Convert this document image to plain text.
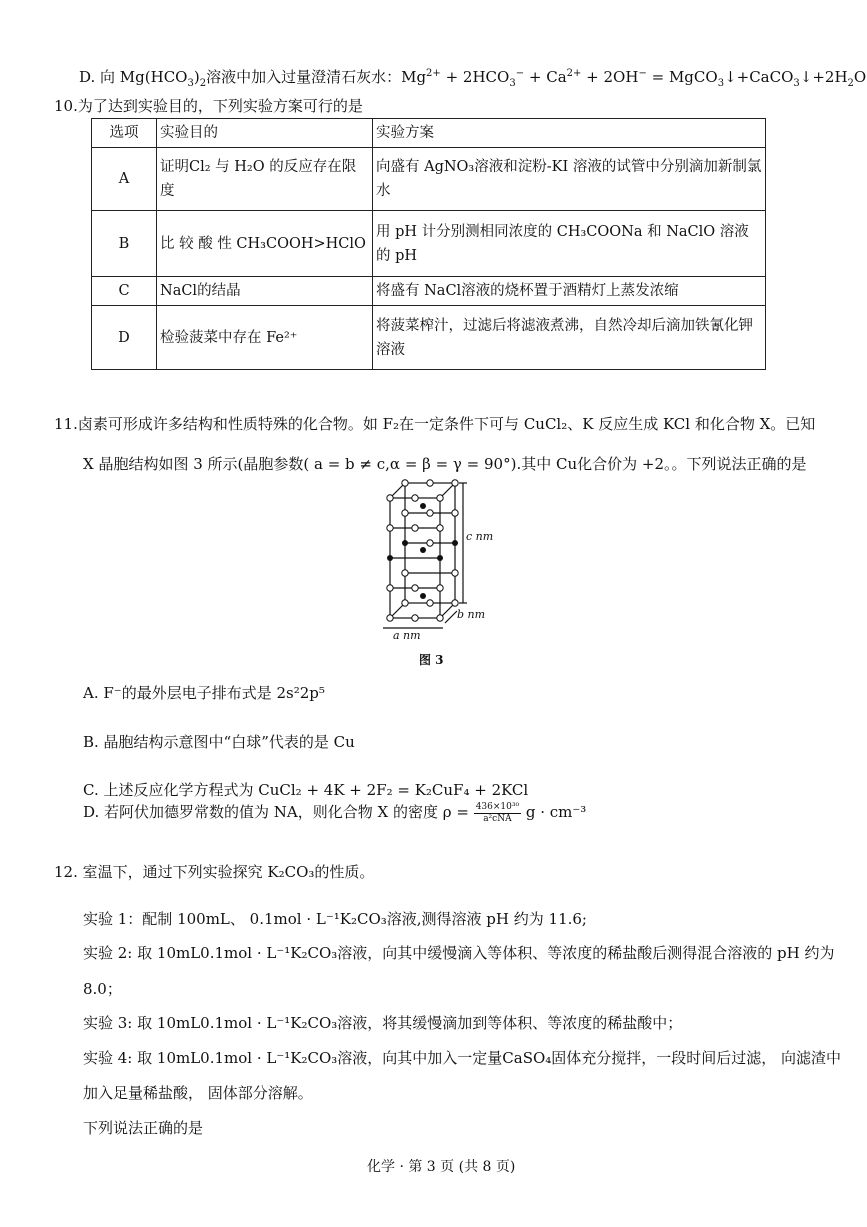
D. 向 $Mg(HCO_3)_2$溶液中加入过量澄清石灰水：$Mg^{2+} + 2HCO_3^- + Ca^{2+} + 2OH^-$ = $MgCO_3↓+CaCO_3↓+2H_2O$
10.为了达到实验目的，下列实验方案可行的是
选项	实验目的	实验方案
A	证明Cl₂ 与 H₂O 的反应存在限度	向盛有 AgNO₃溶液和淀粉-KI 溶液的试管中分别滴加新制氯水
B	比 较 酸 性 CH₃COOH>HClO	用 pH 计分别测相同浓度的 CH₃COONa 和 NaClO 溶液的 pH
C	NaCl的结晶	将盛有 NaCl溶液的烧杯置于酒精灯上蒸发浓缩
D	检验菠菜中存在 Fe²⁺	将菠菜榨汁，过滤后将滤液煮沸，自然冷却后滴加铁氰化钾溶液
11.卤素可形成许多结构和性质特殊的化合物。如 F₂在一定条件下可与 CuCl₂、K 反应生成 KCl 和化合物 X。已知
X 晶胞结构如图 3 所示(晶胞参数( a = b ≠ c,α = β = γ = 90°).其中 Cu化合价为 +2。。下列说法正确的是
c nm
b nm
a nm
图 3
A. F⁻的最外层电子排布式是 2s²2p⁵
B. 晶胞结构示意图中“白球”代表的是 Cu
C. 上述反应化学方程式为 CuCl₂ + 4K + 2F₂ = K₂CuF₄ + 2KCl
D. 若阿伏加德罗常数的值为 NA，则化合物 X 的密度 $\rho = \frac{\text{436×10³⁰}}{\text{a²cNA}}$ g · cm⁻³
12. 室温下，通过下列实验探究 K₂CO₃的性质。
实验 1：配制 100mL、 0.1mol · L⁻¹K₂CO₃溶液,测得溶液 pH 约为 11.6;
实验 2: 取 10mL0.1mol · L⁻¹K₂CO₃溶液，向其中缓慢滴入等体积、等浓度的稀盐酸后测得混合溶液的 pH 约为
8.0；
实验 3: 取 10mL0.1mol · L⁻¹K₂CO₃溶液，将其缓慢滴加到等体积、等浓度的稀盐酸中；
实验 4: 取 10mL0.1mol · L⁻¹K₂CO₃溶液，向其中加入一定量CaSO₄固体充分搅拌，一段时间后过滤， 向滤渣中
加入足量稀盐酸， 固体部分溶解。
下列说法正确的是
化学 · 第 3 页 (共 8 页)
